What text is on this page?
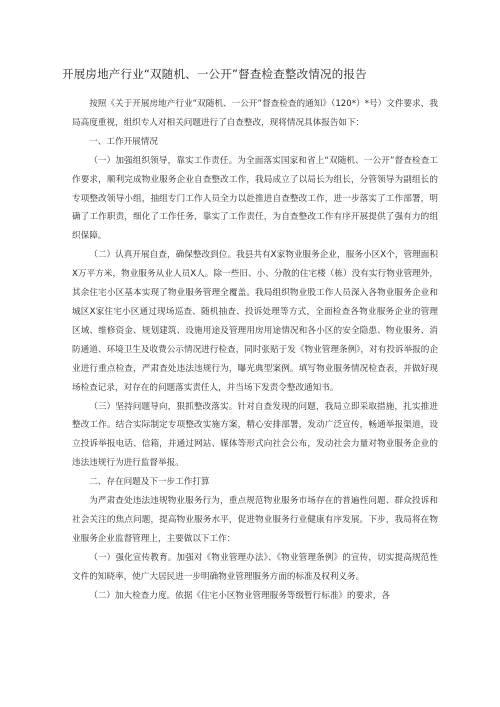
开展房地产行业“双随机、一公开”督查检查整改情况的报告

按照《关于开展房地产行业“双随机、一公开”督查检查的通知》（120*）*号）文件要求，我局高度重视，组织专人对相关问题进行了自查整改，现将情况具体报告如下：

一、工作开展情况

（一）加强组织领导，靠实工作责任。为全面落实国家和省上“双随机、一公开”督查检查工作要求，顺利完成物业服务企业自查整改工作，我局成立了以局长为组长，分管领导为副组长的专项整改领导小组，抽组专门工作人员全力以赴推进自查整改工作，进一步落实了工作部署，明确了工作职责，细化了工作任务，靠实了工作责任，为自查整改工作有序开展提供了强有力的组织保障。

（二）认真开展自查，确保整改到位。我县共有X家物业服务企业，服务小区X个，管理面积X万平方米，物业服务从业人员X人。除一些旧、小、分散的住宅楼（栋）没有实行物业管理外，其余住宅小区基本实现了物业服务管理全覆盖。我局组织物业股工作人员深入各物业服务企业和城区X家住宅小区通过现场巡查、随机抽查、投诉处理等方式，全面检查各物业服务企业的管理区域、维修资金、规划建筑、设施用途及管理用房用途情况和各小区的安全隐患、物业服务、消防通道、环境卫生及收费公示情况进行检查，同时张贴于发《物业管理条例》，对有投诉举报的企业进行重点检查，严肃查处违法违规行为，曝光典型案例。填写物业服务情况检查表，并做好现场检查记录，对存在的问题落实责任人，并当场下发责令整改通知书。

（三）坚持问题导向，狠抓整改落实。针对自查发现的问题，我局立即采取措施，扎实推进整改工作。结合实际制定专项整改实施方案，精心安排部署，发动广泛宣传，畅通举报渠道，设立投诉举报电话、信箱，并通过网站、媒体等形式向社会公布，发动社会力量对物业服务企业的违法违规行为进行监督举报。

二、存在问题及下一步工作打算

为严肃查处违法违规物业服务行为，重点规范物业服务市场存在的普遍性问题、群众投诉和社会关注的焦点问题，提高物业服务水平，促进物业服务行业健康有序发展。下步，我局将在物业服务企业监督管理上，主要做以下工作：

（一）强化宣传教育。加强对《物业管理办法》、《物业管理条例》的宣传，切实提高规范性文件的知晓率，使广大居民进一步明确物业管理服务方面的标准及权利义务。

（二）加大检查力度。依据《住宅小区物业管理服务等级暂行标准》的要求，各
